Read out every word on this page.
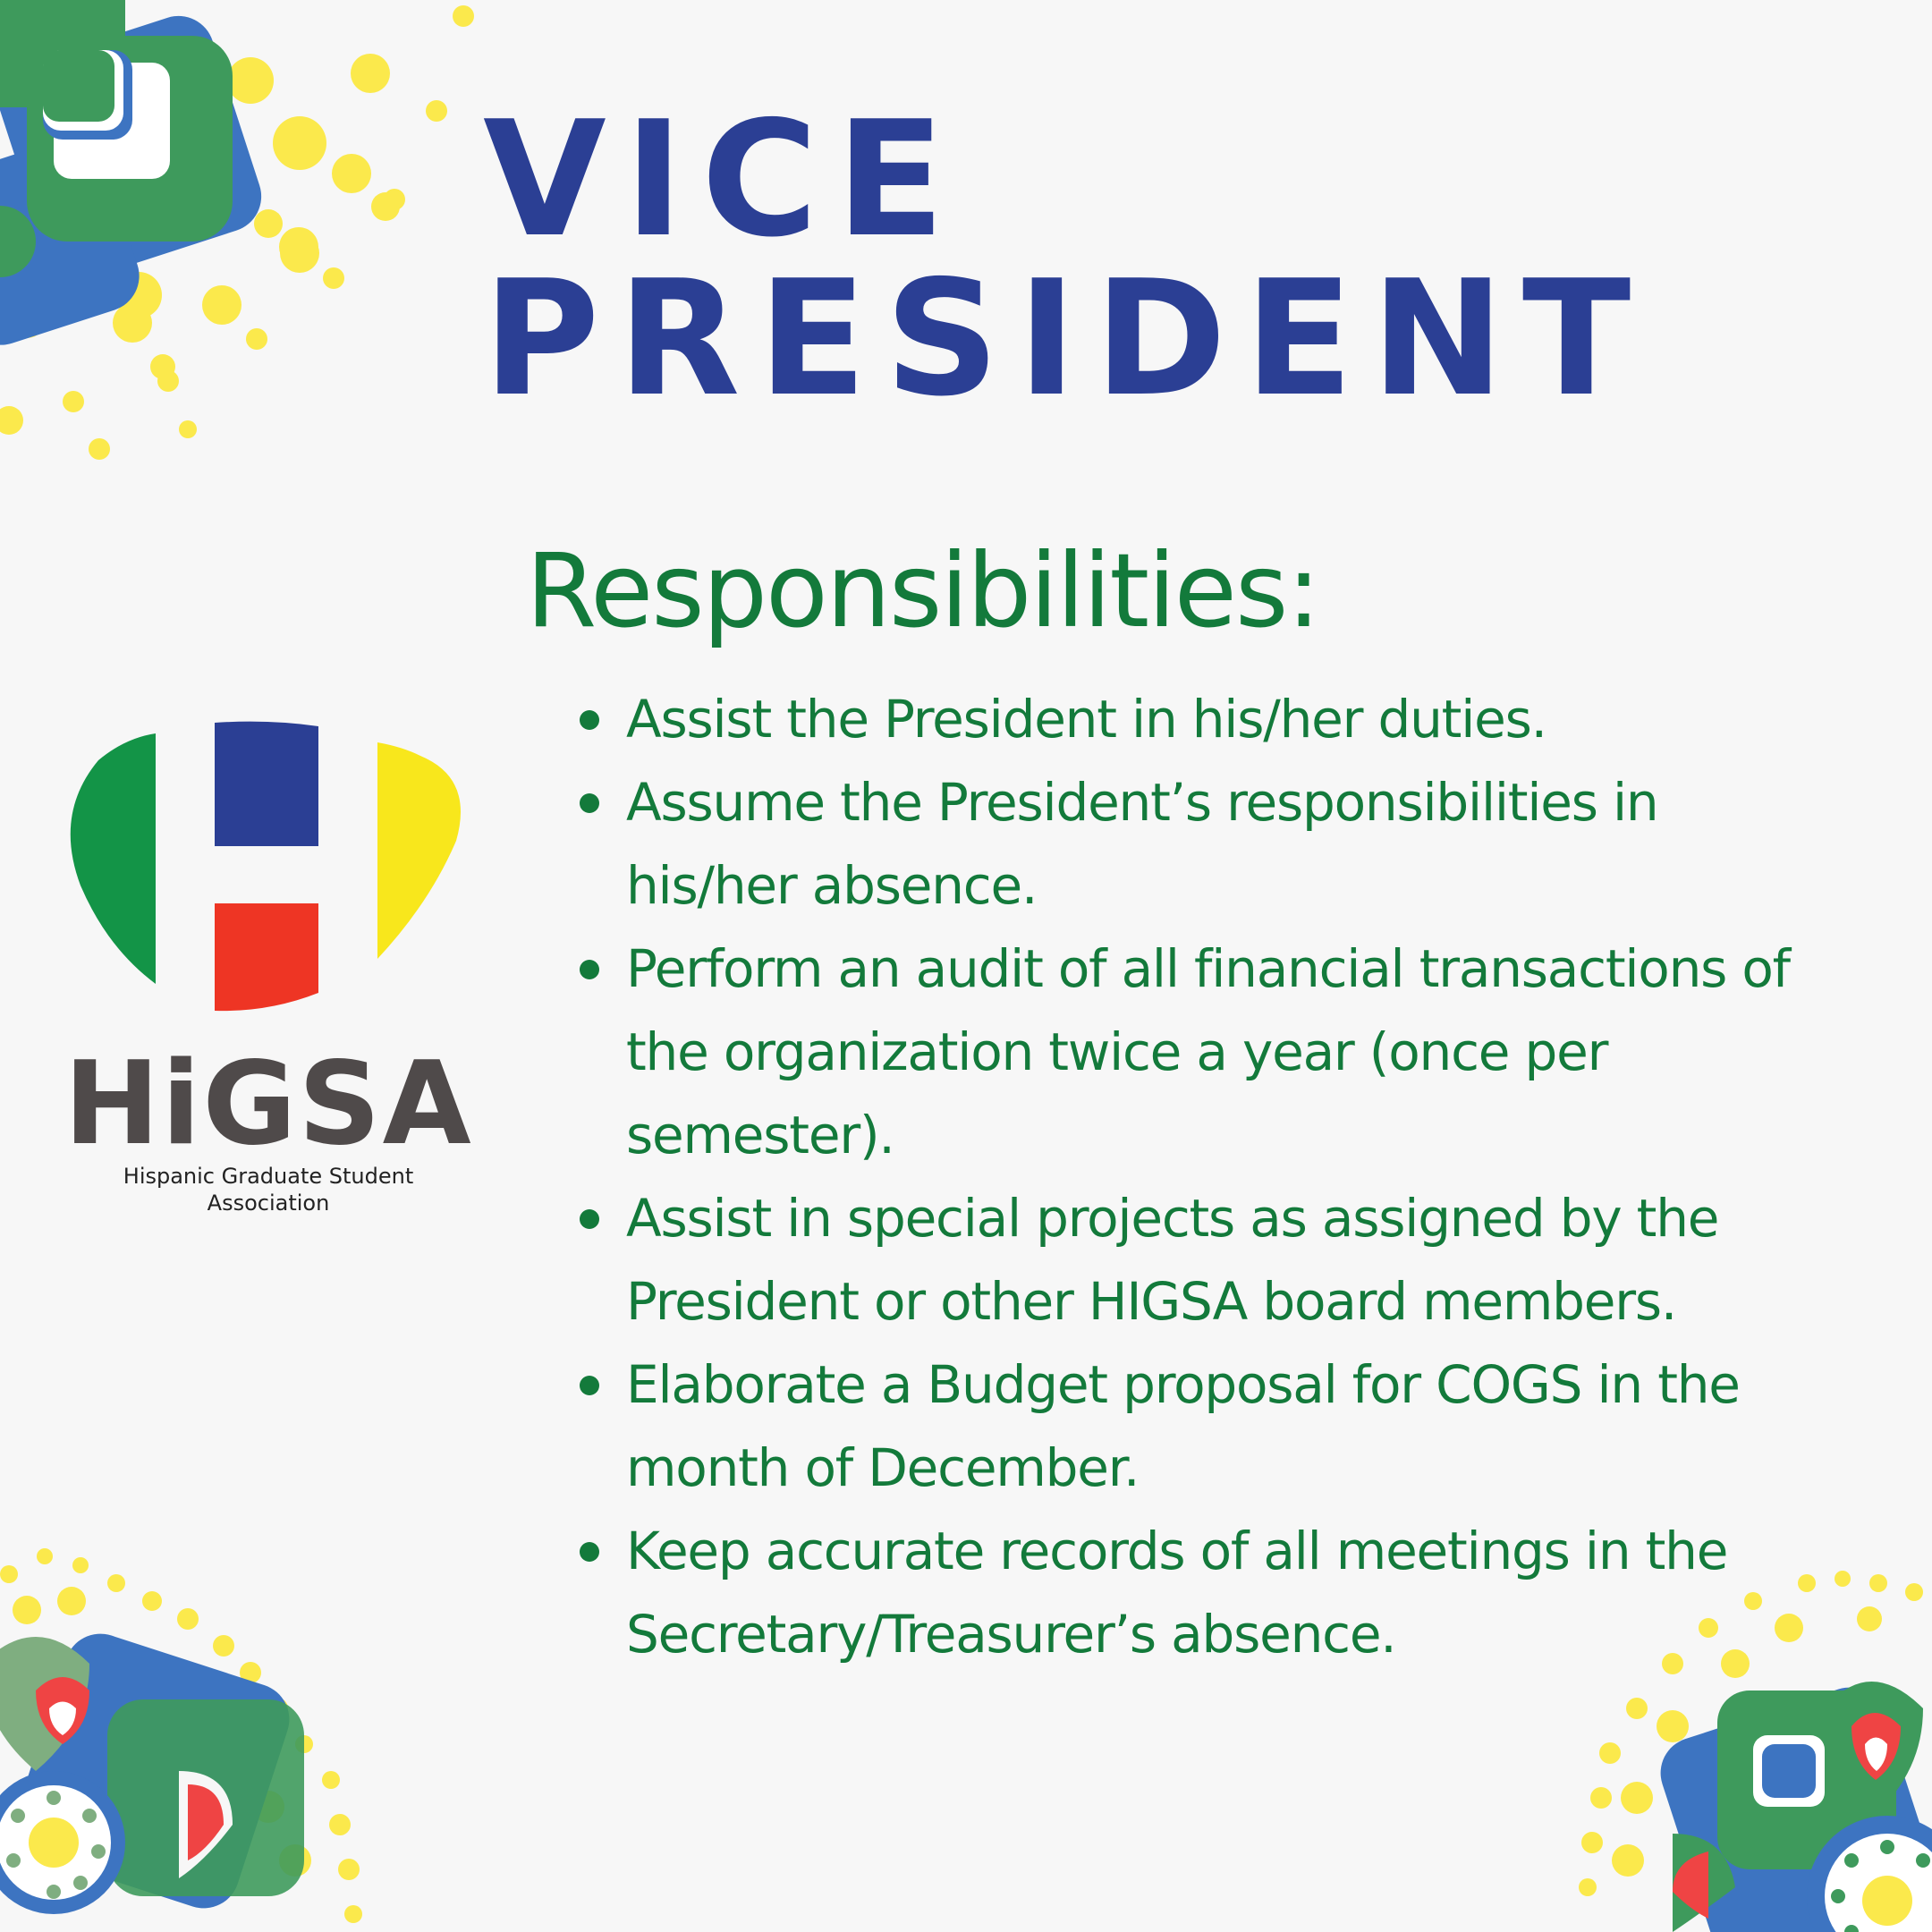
VICE
PRESIDENT
Responsibilities:
Assist the President in his/her duties.
Assume the President’s responsibilities in his/her absence.
Perform an audit of all financial transactions of the organization twice a year (once per semester).
Assist in special projects as assigned by the President or other HIGSA board members.
Elaborate a Budget proposal for COGS in the month of December.
Keep accurate records of all meetings in the Secretary/Treasurer’s absence.
HiGSA
Hispanic Graduate Student Association
